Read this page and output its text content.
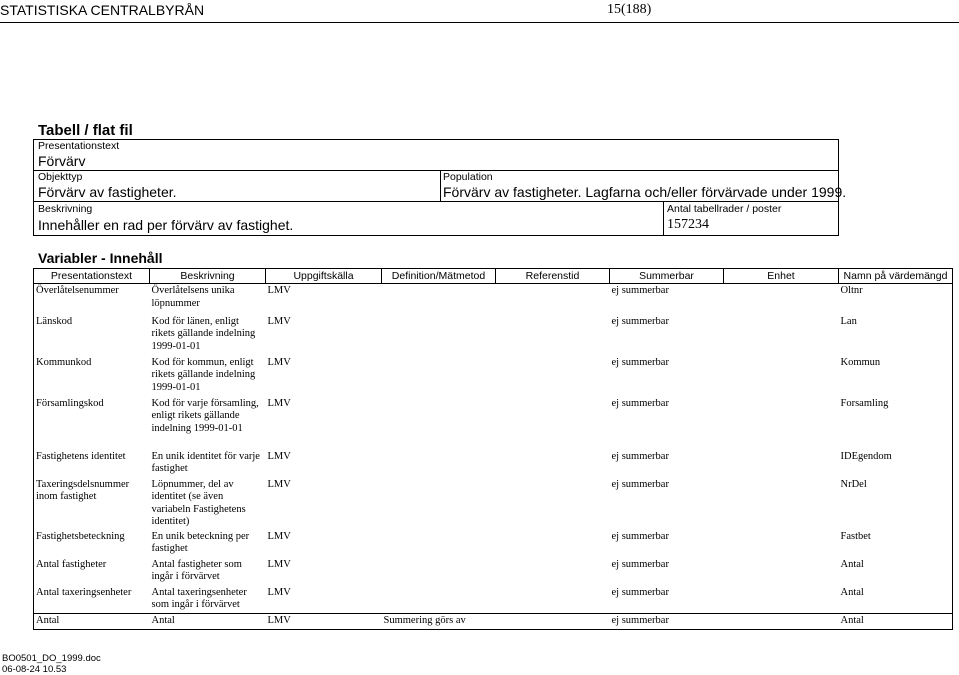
STATISTISKA CENTRALBYRÅN	15(188)
Tabell / flat fil
Presentationstext
Förvärv
Objekttyp
Förvärv av fastigheter.
Population
Förvärv av fastigheter. Lagfarna och/eller förvärvade under 1999.
Beskrivning
Innehåller en rad per förvärv av fastighet.
Antal tabellrader / poster
157234
Variabler - Innehåll
Presentationstext	Beskrivning	Uppgiftskälla	Definition/Mätmetod	Referenstid	Summerbar	Enhet	Namn på värdemängd
Överlåtelsenummer	Överlåtelsens unika löpnummer	LMV			ej summerbar		Oltnr
Länskod	Kod för länen, enligt rikets gällande indelning 1999-01-01	LMV			ej summerbar		Lan
Kommunkod	Kod för kommun, enligt rikets gällande indelning 1999-01-01	LMV			ej summerbar		Kommun
Församlingskod	Kod för varje församling, enligt rikets gällande indelning 1999-01-01	LMV			ej summerbar		Forsamling
Fastighetens identitet	En unik identitet för varje fastighet	LMV			ej summerbar		IDEgendom
Taxeringsdelsnummer inom fastighet	Löpnummer, del av identitet (se även variabeln Fastighetens identitet)	LMV			ej summerbar		NrDel
Fastighetsbeteckning	En unik beteckning per fastighet	LMV			ej summerbar		Fastbet
Antal fastigheter	Antal fastigheter som ingår i förvärvet	LMV			ej summerbar		Antal
Antal taxeringsenheter	Antal taxeringsenheter som ingår i förvärvet	LMV			ej summerbar		Antal
Antal	Antal	LMV	Summering görs av		ej summerbar		Antal
BO0501_DO_1999.doc
06-08-24 10.53
